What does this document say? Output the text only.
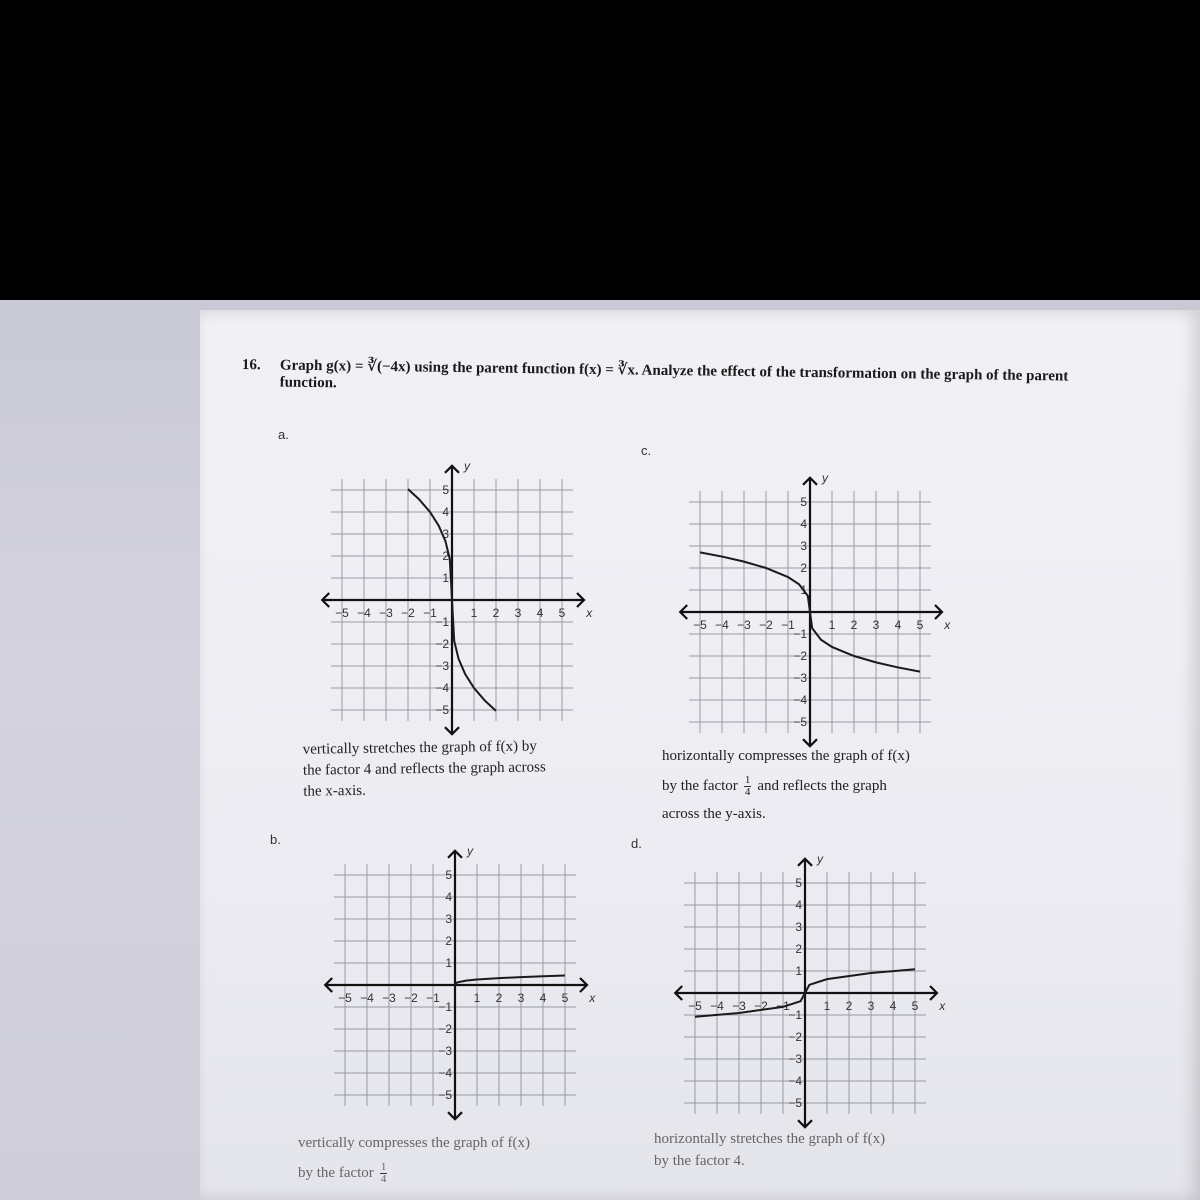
16. Graph g(x) = ∛(−4x) using the parent function f(x) = ∛x. Analyze the effect of the transformation on the graph of the parent function.
a.
c.
b.	d.
−5 −4 −3 −2 −1	1 2 3 4 5
5
4
3
2
1
−1
−2
−3
−4
−5
x
y
−5 −4 −3 −2 −1	1 2 3 4 5
5
4
3
2
1
−1
−2
−3
−4
−5
x
y
−5 −4 −3 −2 −1	1 2 3 4 5
5
4
3
2
1
−1
−2
−3
−4
−5
x
y
−5 −4 −3 −2 −1	1 2 3 4 5
5
4
3
2
1
−1
−2
−3
−4
−5
x
y
vertically stretches the graph of f(x) by
the factor 4 and reflects the graph across
the x-axis.
horizontally compresses the graph of f(x)
by the factor $\frac{1}{4}$ and reflects the graph
across the y-axis.
vertically compresses the graph of f(x)
by the factor $\frac{1}{4}$
horizontally stretches the graph of f(x)
by the factor 4.
